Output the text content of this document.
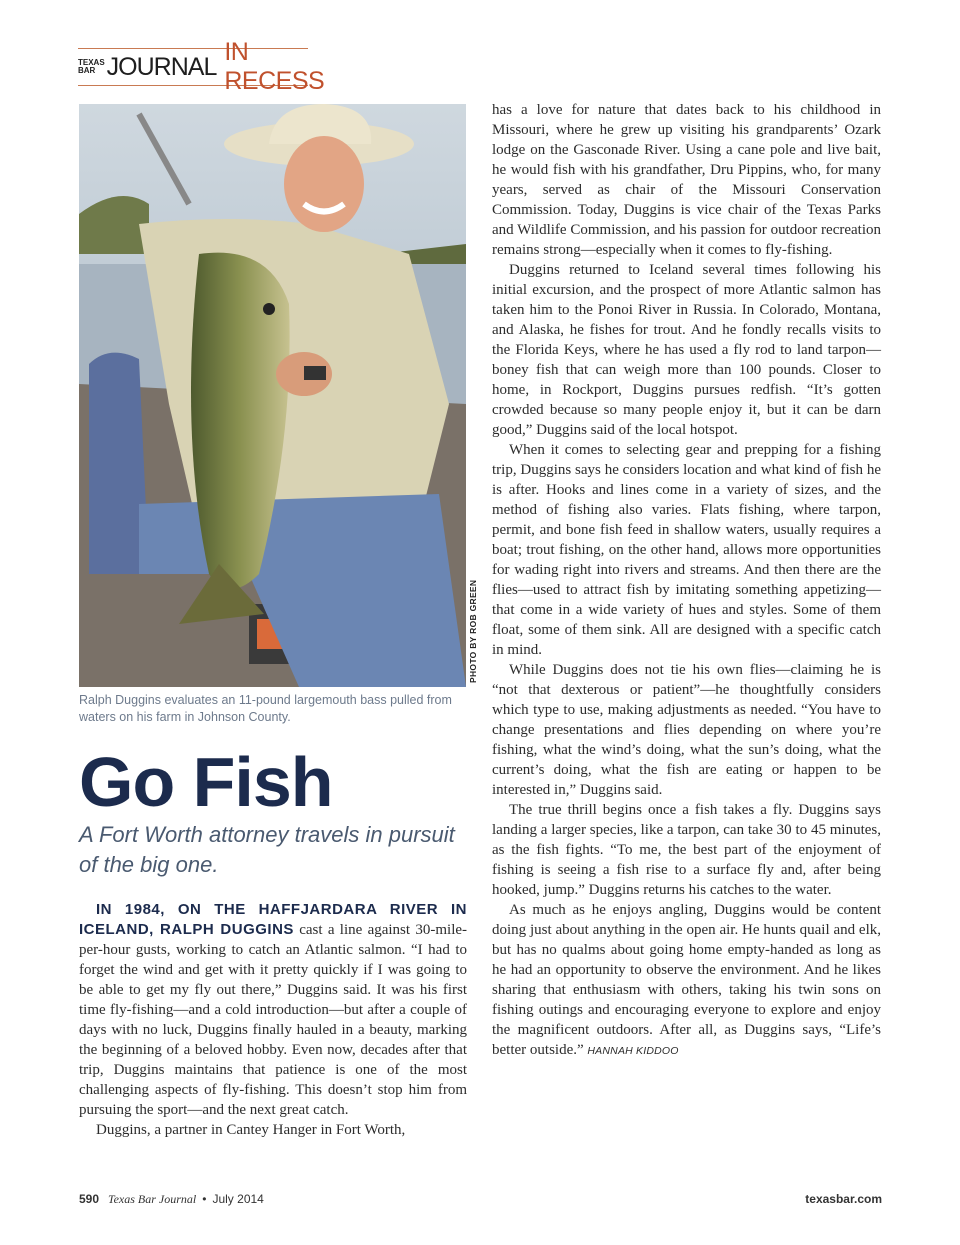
TEXAS
BAR JOURNAL
IN RECESS
PHOTO BY ROB GREEN
Ralph Duggins evaluates an 11-pound largemouth bass pulled from waters on his farm in Johnson County.
Go Fish
A Fort Worth attorney travels in pursuit of the big one.

IN 1984, ON THE HAFFJARDARA RIVER IN ICELAND, RALPH DUGGINS cast a line against 30-mile-per-hour gusts, working to catch an Atlantic salmon. “I had to forget the wind and get with it pretty quickly if I was going to be able to get my fly out there,” Duggins said. It was his first time fly-fishing—and a cold introduction—but after a couple of days with no luck, Duggins finally hauled in a beauty, marking the beginning of a beloved hobby. Even now, decades after that trip, Duggins maintains that patience is one of the most challenging aspects of fly-fishing. This doesn’t stop him from pursuing the sport—and the next great catch.

Duggins, a partner in Cantey Hanger in Fort Worth,

has a love for nature that dates back to his childhood in Missouri, where he grew up visiting his grandparents’ Ozark lodge on the Gasconade River. Using a cane pole and live bait, he would fish with his grandfather, Dru Pippins, who, for many years, served as chair of the Missouri Conservation Commission. Today, Duggins is vice chair of the Texas Parks and Wildlife Commission, and his passion for outdoor recreation remains strong—especially when it comes to fly-fishing.

Duggins returned to Iceland several times following his initial excursion, and the prospect of more Atlantic salmon has taken him to the Ponoi River in Russia. In Colorado, Montana, and Alaska, he fishes for trout. And he fondly recalls visits to the Florida Keys, where he has used a fly rod to land tarpon—boney fish that can weigh more than 100 pounds. Closer to home, in Rockport, Duggins pursues redfish. “It’s gotten crowded because so many people enjoy it, but it can be darn good,” Duggins said of the local hotspot.

When it comes to selecting gear and prepping for a fishing trip, Duggins says he considers location and what kind of fish he is after. Hooks and lines come in a variety of sizes, and the method of fishing also varies. Flats fishing, where tarpon, permit, and bone fish feed in shallow waters, usually requires a boat; trout fishing, on the other hand, allows more opportunities for wading right into rivers and streams. And then there are the flies—used to attract fish by imitating something appetizing—that come in a wide variety of hues and styles. Some of them float, some of them sink. All are designed with a specific catch in mind.

While Duggins does not tie his own flies—claiming he is “not that dexterous or patient”—he thoughtfully considers which type to use, making adjustments as needed. “You have to change presentations and flies depending on where you’re fishing, what the wind’s doing, what the sun’s doing, what the current’s doing, what the fish are eating or happen to be interested in,” Duggins said.

The true thrill begins once a fish takes a fly. Duggins says landing a larger species, like a tarpon, can take 30 to 45 minutes, as the fish fights. “To me, the best part of the enjoyment of fishing is seeing a fish rise to a surface fly and, after being hooked, jump.” Duggins returns his catches to the water.

As much as he enjoys angling, Duggins would be content doing just about anything in the open air. He hunts quail and elk, but has no qualms about going home empty-handed as long as he had an opportunity to observe the environment. And he likes sharing that enthusiasm with others, taking his twin sons on fishing outings and encouraging everyone to explore and enjoy the magnificent outdoors. After all, as Duggins says, “Life’s better outside.” HANNAH KIDDOO

590 Texas Bar Journal • July 2014	texasbar.com
